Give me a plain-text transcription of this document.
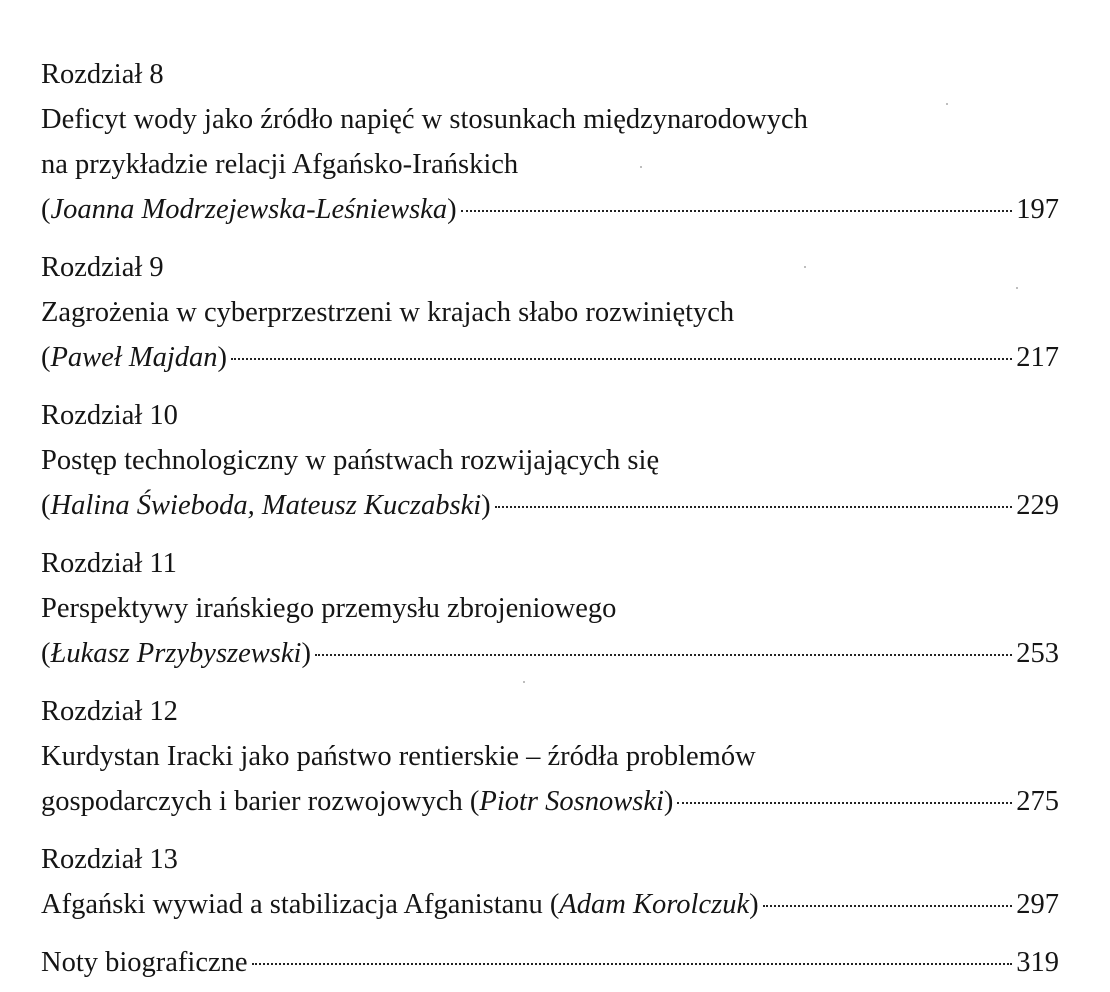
Rozdział 8
Deficyt wody jako źródło napięć w stosunkach międzynarodowych
na przykładzie relacji Afgańsko-Irańskich
(Joanna Modrzejewska-Leśniewska)	197
Rozdział 9
Zagrożenia w cyberprzestrzeni w krajach słabo rozwiniętych
(Paweł Majdan)	217
Rozdział 10
Postęp technologiczny w państwach rozwijających się
(Halina Świeboda, Mateusz Kuczabski)	229
Rozdział 11
Perspektywy irańskiego przemysłu zbrojeniowego
(Łukasz Przybyszewski)	253
Rozdział 12
Kurdystan Iracki jako państwo rentierskie – źródła problemów
gospodarczych i barier rozwojowych (Piotr Sosnowski)	275
Rozdział 13
Afgański wywiad a stabilizacja Afganistanu (Adam Korolczuk)	297
Noty biograficzne	319
